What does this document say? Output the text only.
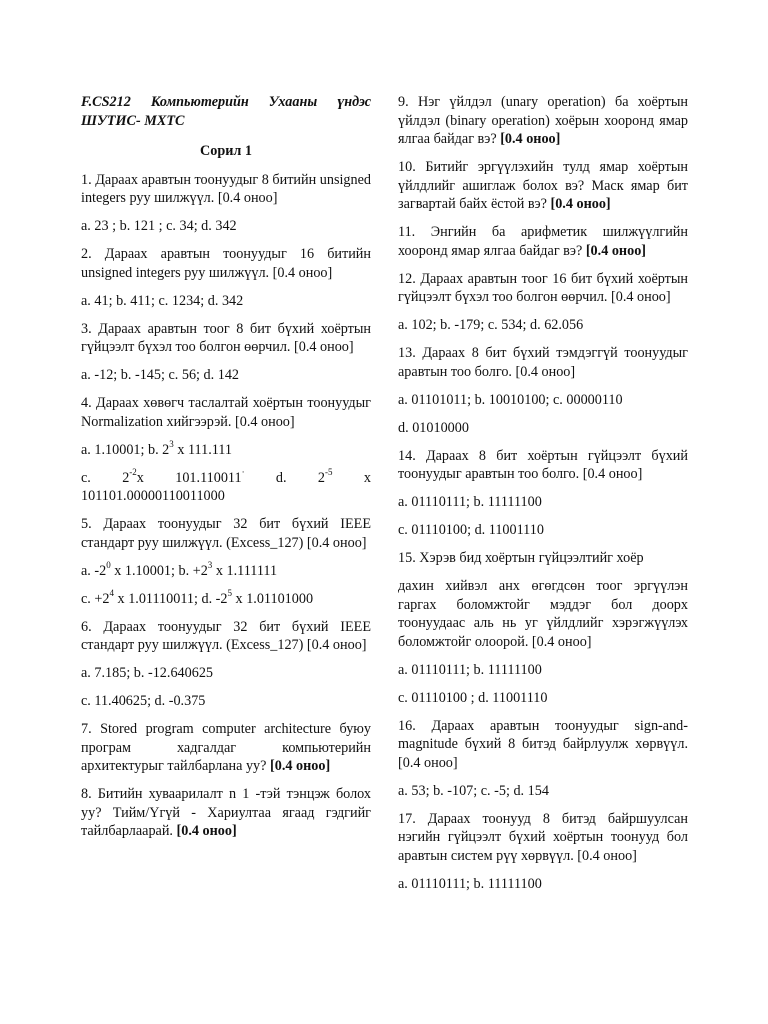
F.CS212 Компьютерийн Ухааны үндэс ШУТИС- МХТС

Сорил 1

1. Дараах аравтын тоонуудыг 8 битийн unsigned integers руу шилжүүл. [0.4 оноо]

a. 23 ; b. 121 ; c. 34; d. 342

2. Дараах аравтын тоонуудыг 16 битийн unsigned integers руу шилжүүл. [0.4 оноо]

a. 41; b. 411; c. 1234; d. 342

3. Дараах аравтын тоог 8 бит бүхий хоёртын гүйцээлт бүхэл тоо болгон өөрчил. [0.4 оноо]

a. -12; b. -145; c. 56; d. 142

4. Дараах хөвөгч таслалтай хоёртын тоонуудыг Normalization хийгээрэй. [0.4 оноо]

a. 1.10001; b. $2^3$ x 111.111

c. $2^{-2}x$ 101.110011· d. $2^{-5}$ x

101101.00000110011000

5. Дараах тоонуудыг 32 бит бүхий IEEE стандарт руу шилжүүл. (Excess_127) [0.4 оноо]

a. $-2^0$ x 1.10001; b. $+2^3$ x 1.111111

c. $+2^4$ x 1.01110011; d. $-2^5$ x 1.01101000

6. Дараах тоонуудыг 32 бит бүхий IEEE стандарт руу шилжүүл. (Excess_127) [0.4 оноо]

a. 7.185; b. -12.640625

c. 11.40625; d. -0.375

7. Stored program computer architecture буюу програм хадгалдаг компьютерийн архитектурыг тайлбарлана уу? [0.4 оноо]

8. Битийн хуваарилалт n 1 -тэй тэнцэж болох уу? Тийм/Үгүй - Хариултаа ягаад гэдгийг тайлбарлаарай. [0.4 оноо]

9. Нэг үйлдэл (unary operation) ба хоёртын үйлдэл (binary operation) хоёрын хооронд ямар ялгаа байдаг вэ? [0.4 оноо]

10. Битийг эргүүлэхийн тулд ямар хоёртын үйлдлийг ашиглаж болох вэ? Маск ямар бит загвартай байх ёстой вэ? [0.4 оноо]

11. Энгийн ба арифметик шилжүүлгийн хооронд ямар ялгаа байдаг вэ? [0.4 оноо]

12. Дараах аравтын тоог 16 бит бүхий хоёртын гүйцээлт бүхэл тоо болгон өөрчил. [0.4 оноо]

a. 102; b. -179; c. 534; d. 62.056

13. Дараах 8 бит бүхий тэмдэггүй тоонуудыг аравтын тоо болго. [0.4 оноо]

a. 01101011; b. 10010100; c. 00000110

d. 01010000

14. Дараах 8 бит хоёртын гүйцээлт бүхий тоонуудыг аравтын тоо болго. [0.4 оноо]

a. 01110111; b. 11111100

c. 01110100; d. 11001110

15. Хэрэв бид хоёртын гүйцээлтийг хоёр

дахин хийвэл анх өгөгдсөн тоог эргүүлэн гаргах боломжтойг мэддэг бол доорх тоонуудаас аль нь уг үйлдлийг хэрэгжүүлэх боломжтойг олоорой. [0.4 оноо]

a. 01110111; b. 11111100

c. 01110100 ; d. 11001110

16. Дараах аравтын тоонуудыг sign-and-magnitude бүхий 8 битэд байрлуулж хөрвүүл. [0.4 оноо]

a. 53; b. -107; c. -5; d. 154

17. Дараах тоонууд 8 битэд байршуулсан нэгийн гүйцээлт бүхий хоёртын тоонууд бол аравтын систем рүү хөрвүүл. [0.4 оноо]

a. 01110111; b. 11111100
